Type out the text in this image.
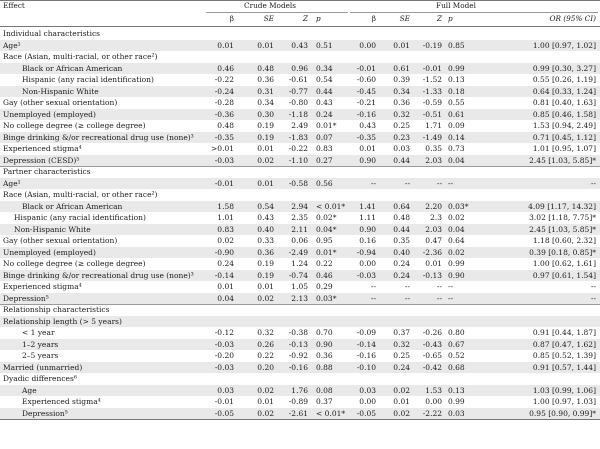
Effect	Crude Models	Full Model
β	SE	Z p	β	SE	Z p	OR (95% CI)
Individual characteristics
Age¹	0.01	0.01	0.43 0.51	0.00	0.01	-0.19 0.85	1.00 [0.97, 1.02]
Race (Asian, multi-racial, or other race²)
Black or African American	0.46	0.48	0.96 0.34	-0.01	0.61	-0.01 0.99	0.99 [0.30, 3.27]
Hispanic (any racial identification)	-0.22	0.36	-0.61 0.54	-0.60	0.39	-1.52 0.13	0.55 [0.26, 1.19]
Non-Hispanic White	-0.24	0.31	-0.77 0.44	-0.45	0.34	-1.33 0.18	0.64 [0.33, 1.24]
Gay (other sexual orientation)	-0.28	0.34	-0.80 0.43	-0.21	0.36	-0.59 0.55	0.81 [0.40, 1.63]
Unemployed (employed)	-0.36	0.30	-1.18 0.24	-0.16	0.32	-0.51 0.61	0.85 [0.46, 1.58]
No college degree (≥ college degree)	0.48	0.19	2.49 0.01*	0.43	0.25	1.71 0.09	1.53 [0.94, 2.49]
Binge drinking &/or recreational drug use (none)³	-0.35	0.19	-1.83 0.07	-0.35	0.23	-1.49 0.14	0.71 [0.45, 1.12]
Experienced stigma⁴	>0.01	0.01	-0.22 0.83	0.01	0.03	0.35 0.73	1.01 [0.95, 1.07]
Depression (CESD)⁵	-0.03	0.02	-1.10 0.27	0.90	0.44	2.03 0.04	2.45 [1.03, 5.85]*
Partner characteristics
Age¹	-0.01	0.01	-0.58 0.56	--	--	-- --	--
Race (Asian, multi-racial, or other race²)
Black or African American	1.58	0.54	2.94 < 0.01*	1.41	0.64	2.20 0.03*	4.09 [1.17, 14.32]
Hispanic (any racial identification)	1.01	0.43	2.35 0.02*	1.11	0.48	2.3 0.02	3.02 [1.18, 7.75]*
Non-Hispanic White	0.83	0.40	2.11 0.04*	0.90	0.44	2.03 0.04	2.45 [1.03, 5.85]*
Gay (other sexual orientation)	0.02	0.33	0.06 0.95	0.16	0.35	0.47 0.64	1.18 [0.60, 2.32]
Unemployed (employed)	-0.90	0.36	-2.49 0.01*	-0.94	0.40	-2.36 0.02	0.39 [0.18, 0.85]*
No college degree (≥ college degree)	0.24	0.19	1.24 0.22	0.00	0.24	0.01 0.99	1.00 [0.62, 1.61]
Binge drinking &/or recreational drug use (none)³	-0.14	0.19	-0.74 0.46	-0.03	0.24	-0.13 0.90	0.97 [0.61, 1.54]
Experienced stigma⁴	0.01	0.01	1.05 0.29	--	--	-- --	--
Depression⁵	0.04	0.02	2.13 0.03*	--	--	-- --	--
Relationship characteristics
Relationship length (> 5 years)
< 1 year	-0.12	0.32	-0.38 0.70	-0.09	0.37	-0.26 0.80	0.91 [0.44, 1.87]
1–2 years	-0.03	0.26	-0.13 0.90	-0.14	0.32	-0.43 0.67	0.87 [0.47, 1.62]
2–5 years	-0.20	0.22	-0.92 0.36	-0.16	0.25	-0.65 0.52	0.85 [0.52, 1.39]
Married (unmarried)	-0.03	0.20	-0.16 0.88	-0.10	0.24	-0.42 0.68	0.91 [0.57, 1.44]
Dyadic differences⁶
Age	0.03	0.02	1.76 0.08	0.03	0.02	1.53 0.13	1.03 [0.99, 1.06]
Experienced stigma⁴	-0.01	0.01	-0.89 0.37	0.00	0.01	0.00 0.99	1.00 [0.97, 1.03]
Depression⁵	-0.05	0.02	-2.61 < 0.01*	-0.05	0.02	-2.22 0.03	0.95 [0.90, 0.99]*
